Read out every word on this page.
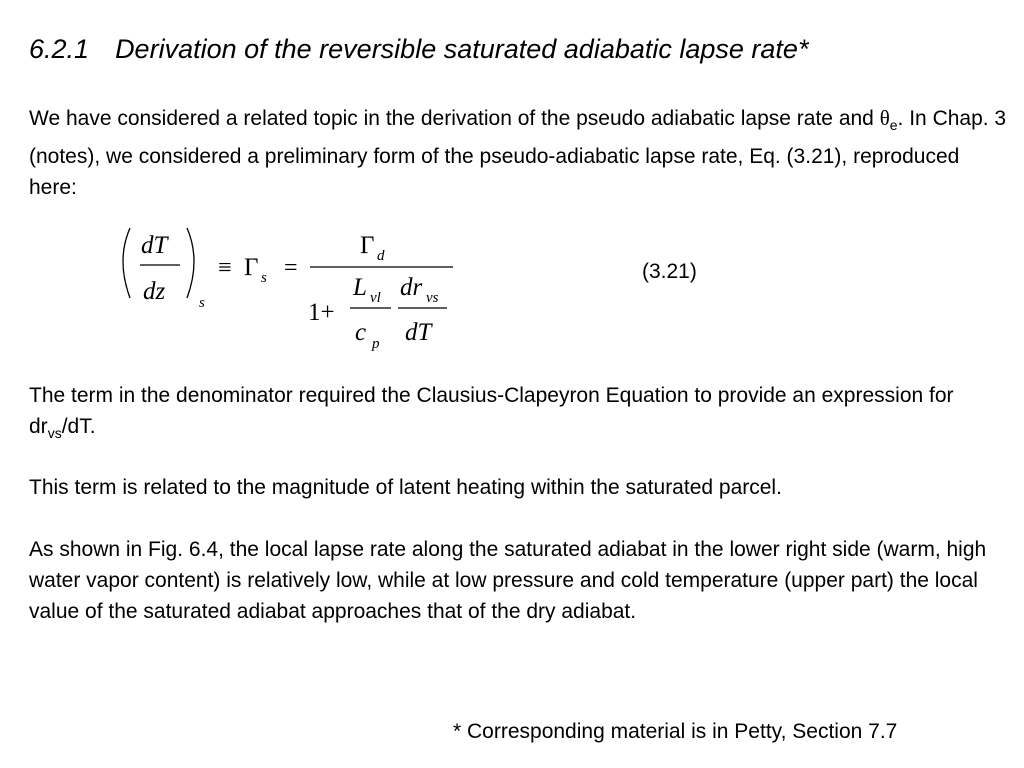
6.2.1 Derivation of the reversible saturated adiabatic lapse rate*

We have considered a related topic in the derivation of the pseudo adiabatic lapse rate and $\theta_e$. In Chap. 3 (notes), we considered a preliminary form of the pseudo-adiabatic lapse rate, Eq. (3.21), reproduced here:

dT
dz s
≡ Γ s =
Γ d
1+
L vl
c p
dr vs
dT
(3.21)

The term in the denominator required the Clausius-Clapeyron Equation to provide an expression for $dr_{vs}/dT$.

This term is related to the magnitude of latent heating within the saturated parcel.

As shown in Fig. 6.4, the local lapse rate along the saturated adiabat in the lower right side (warm, high water vapor content) is relatively low, while at low pressure and cold temperature (upper part) the local value of the saturated adiabat approaches that of the dry adiabat.

* Corresponding material is in Petty, Section 7.7
